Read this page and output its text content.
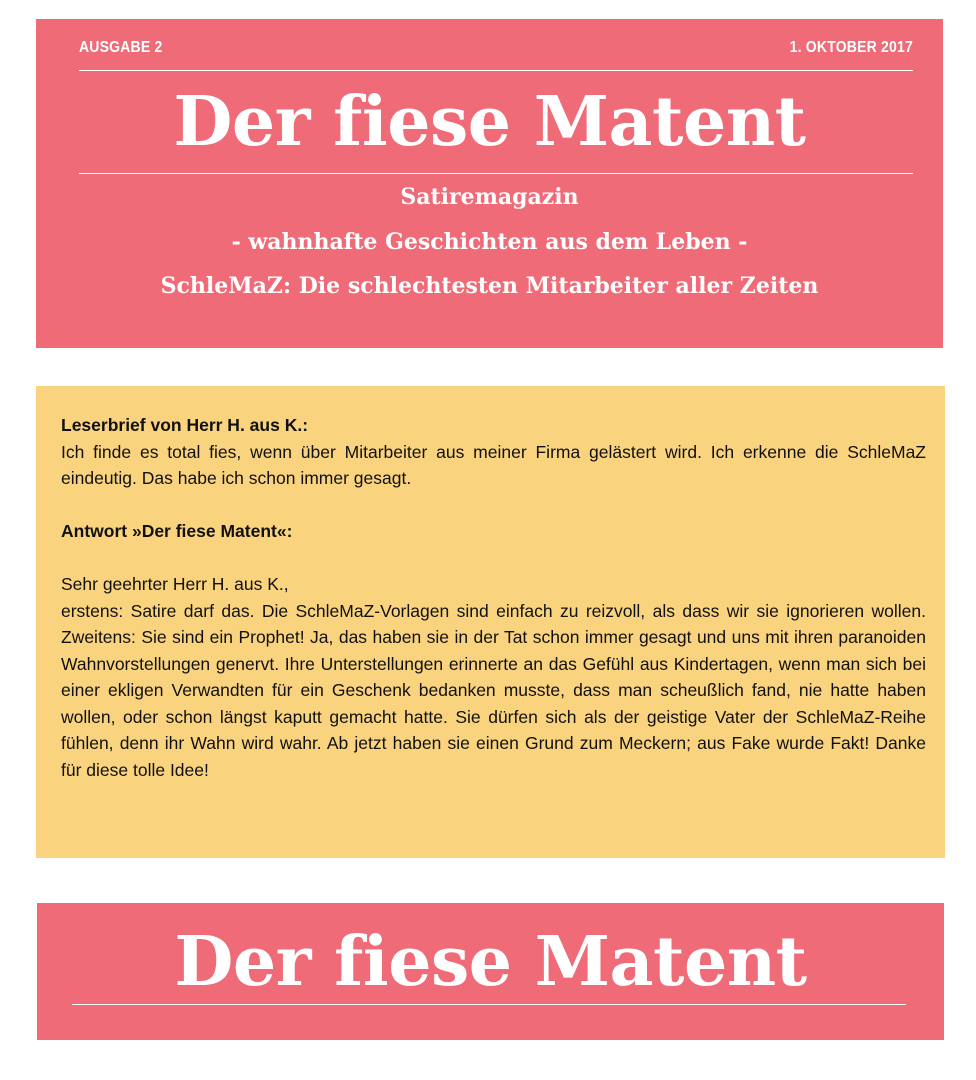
AUSGABE 2	1. OKTOBER 2017
Der fiese Matent
Satiremagazin
- wahnhafte Geschichten aus dem Leben -
SchleMaZ: Die schlechtesten Mitarbeiter aller Zeiten

Leserbrief von Herr H. aus K.:

Ich finde es total fies, wenn über Mitarbeiter aus meiner Firma gelästert wird. Ich erkenne die SchleMaZ eindeutig. Das habe ich schon immer gesagt.

Antwort »Der fiese Matent«:

Sehr geehrter Herr H. aus K.,

erstens: Satire darf das. Die SchleMaZ-Vorlagen sind einfach zu reizvoll, als dass wir sie ignorieren wollen. Zweitens: Sie sind ein Prophet! Ja, das haben sie in der Tat schon immer gesagt und uns mit ihren paranoiden Wahnvorstellungen genervt. Ihre Unterstellungen erinnerte an das Gefühl aus Kindertagen, wenn man sich bei einer ekligen Verwandten für ein Geschenk bedanken musste, dass man scheußlich fand, nie hatte haben wollen, oder schon längst kaputt gemacht hatte. Sie dürfen sich als der geistige Vater der SchleMaZ-Reihe fühlen, denn ihr Wahn wird wahr. Ab jetzt haben sie einen Grund zum Meckern; aus Fake wurde Fakt! Danke für diese tolle Idee!

Der fiese Matent
